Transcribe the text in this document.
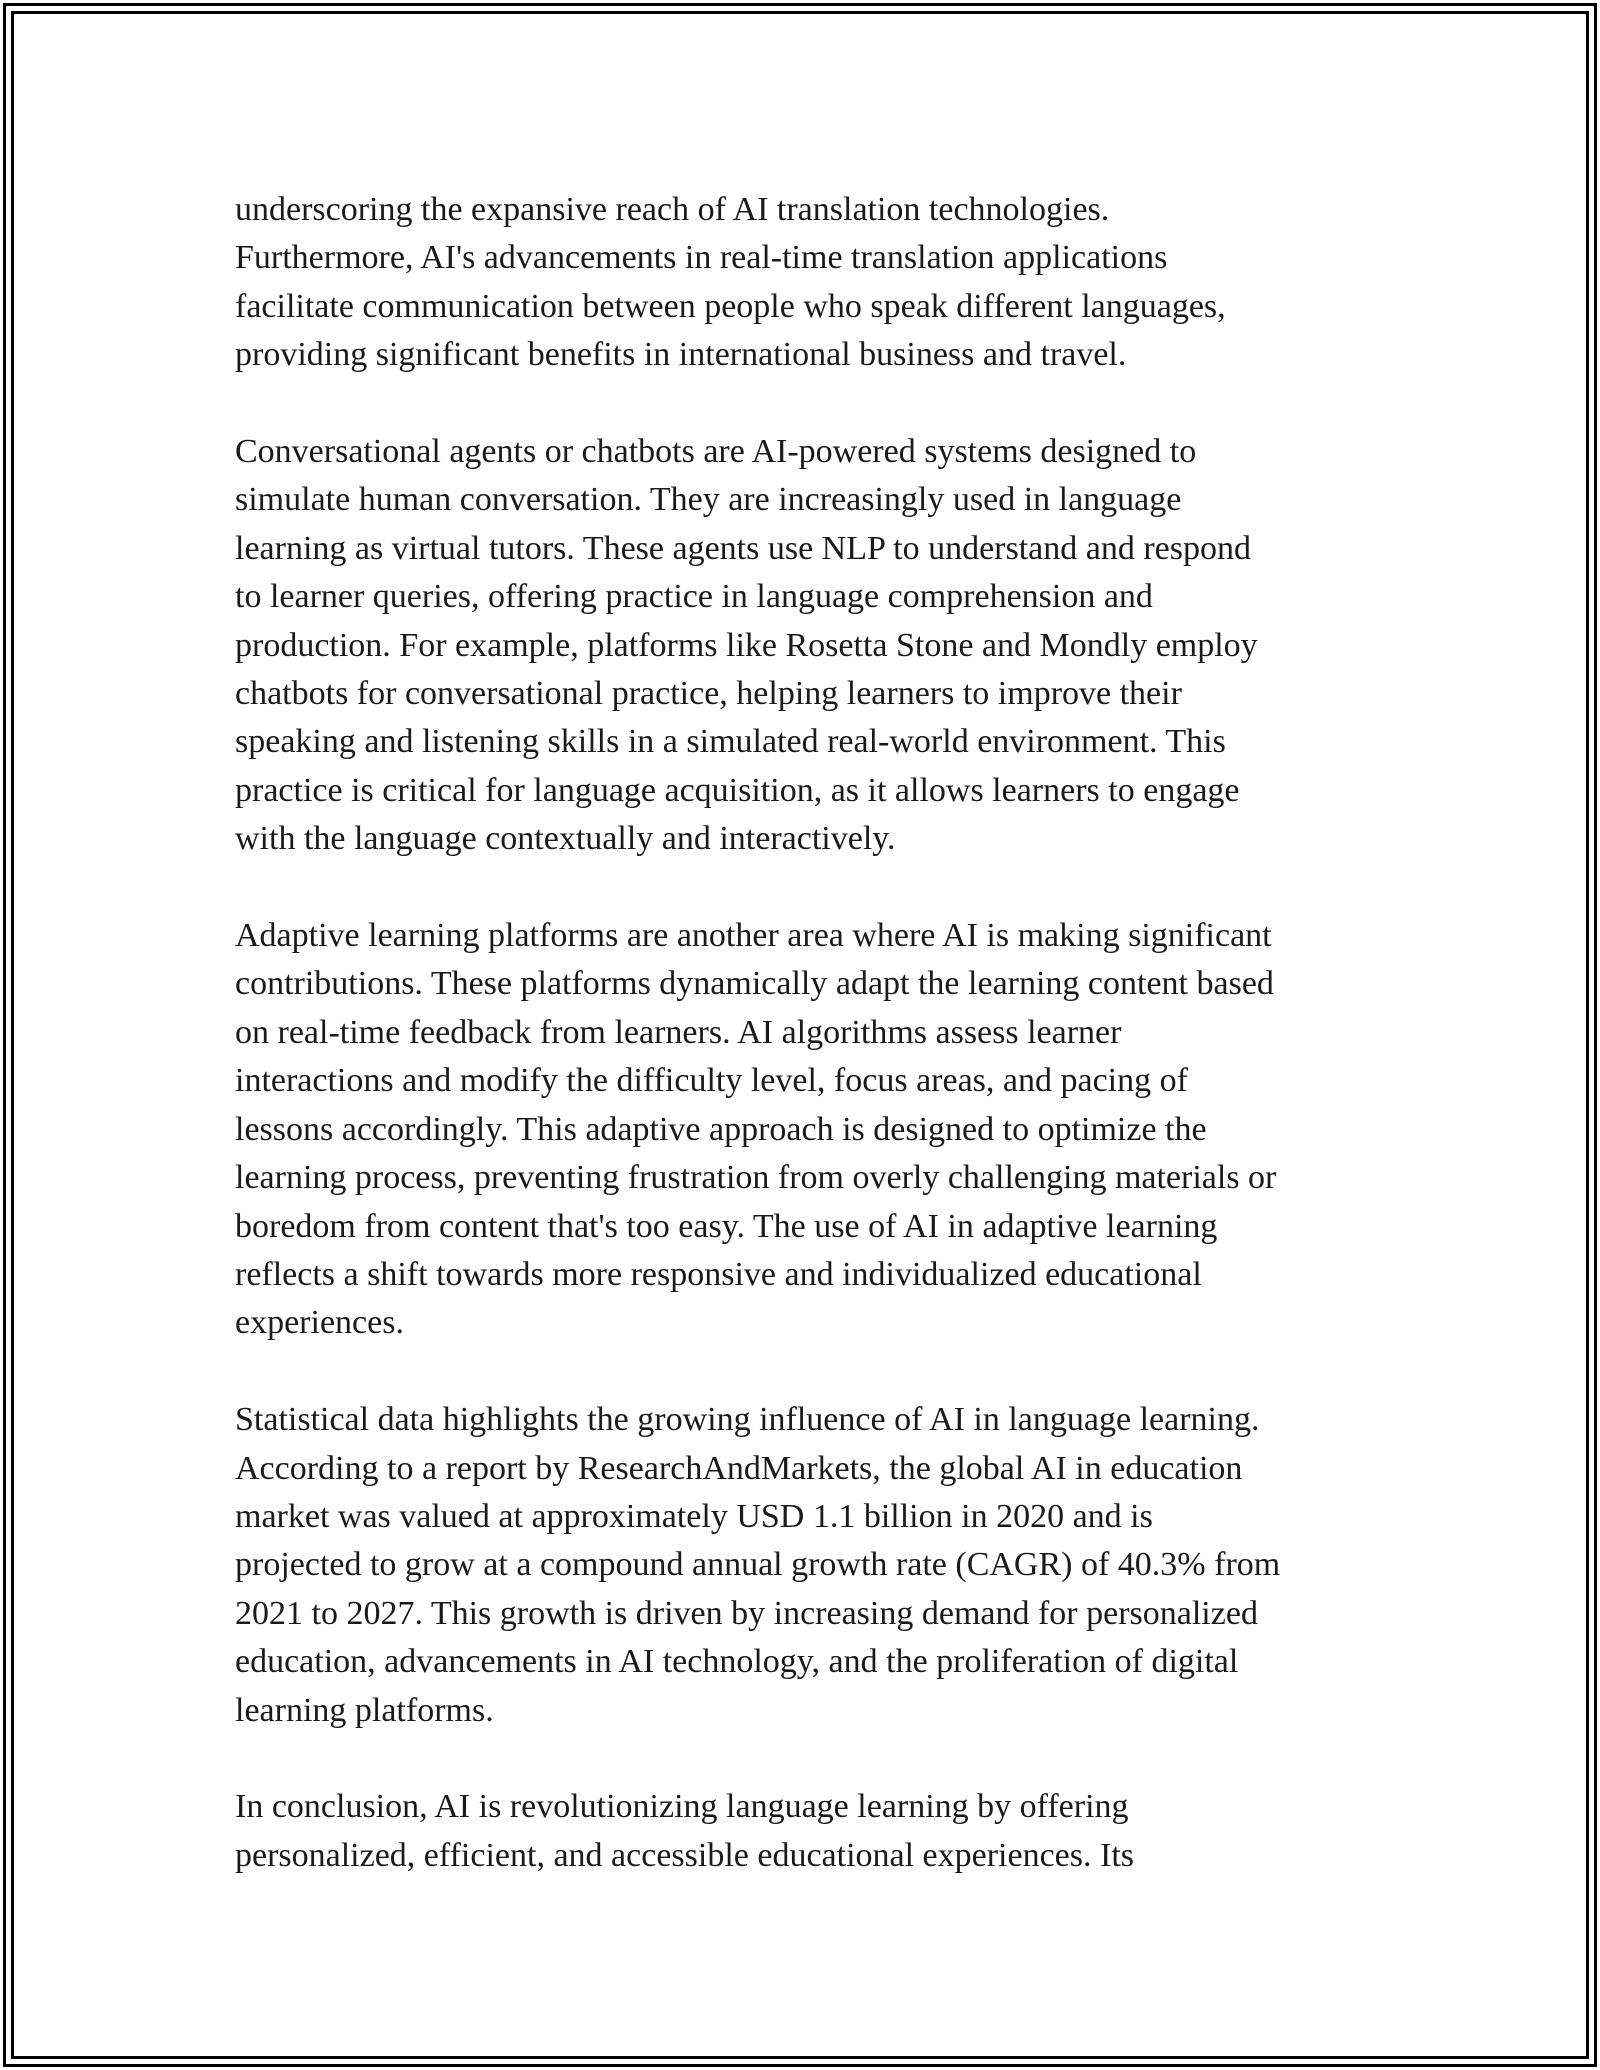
underscoring the expansive reach of AI translation technologies.
Furthermore, AI's advancements in real-time translation applications
facilitate communication between people who speak different languages,
providing significant benefits in international business and travel.

Conversational agents or chatbots are AI-powered systems designed to
simulate human conversation. They are increasingly used in language
learning as virtual tutors. These agents use NLP to understand and respond
to learner queries, offering practice in language comprehension and
production. For example, platforms like Rosetta Stone and Mondly employ
chatbots for conversational practice, helping learners to improve their
speaking and listening skills in a simulated real-world environment. This
practice is critical for language acquisition, as it allows learners to engage
with the language contextually and interactively.

Adaptive learning platforms are another area where AI is making significant
contributions. These platforms dynamically adapt the learning content based
on real-time feedback from learners. AI algorithms assess learner
interactions and modify the difficulty level, focus areas, and pacing of
lessons accordingly. This adaptive approach is designed to optimize the
learning process, preventing frustration from overly challenging materials or
boredom from content that's too easy. The use of AI in adaptive learning
reflects a shift towards more responsive and individualized educational
experiences.

Statistical data highlights the growing influence of AI in language learning.
According to a report by ResearchAndMarkets, the global AI in education
market was valued at approximately USD 1.1 billion in 2020 and is
projected to grow at a compound annual growth rate (CAGR) of 40.3% from
2021 to 2027. This growth is driven by increasing demand for personalized
education, advancements in AI technology, and the proliferation of digital
learning platforms.

In conclusion, AI is revolutionizing language learning by offering
personalized, efficient, and accessible educational experiences. Its
